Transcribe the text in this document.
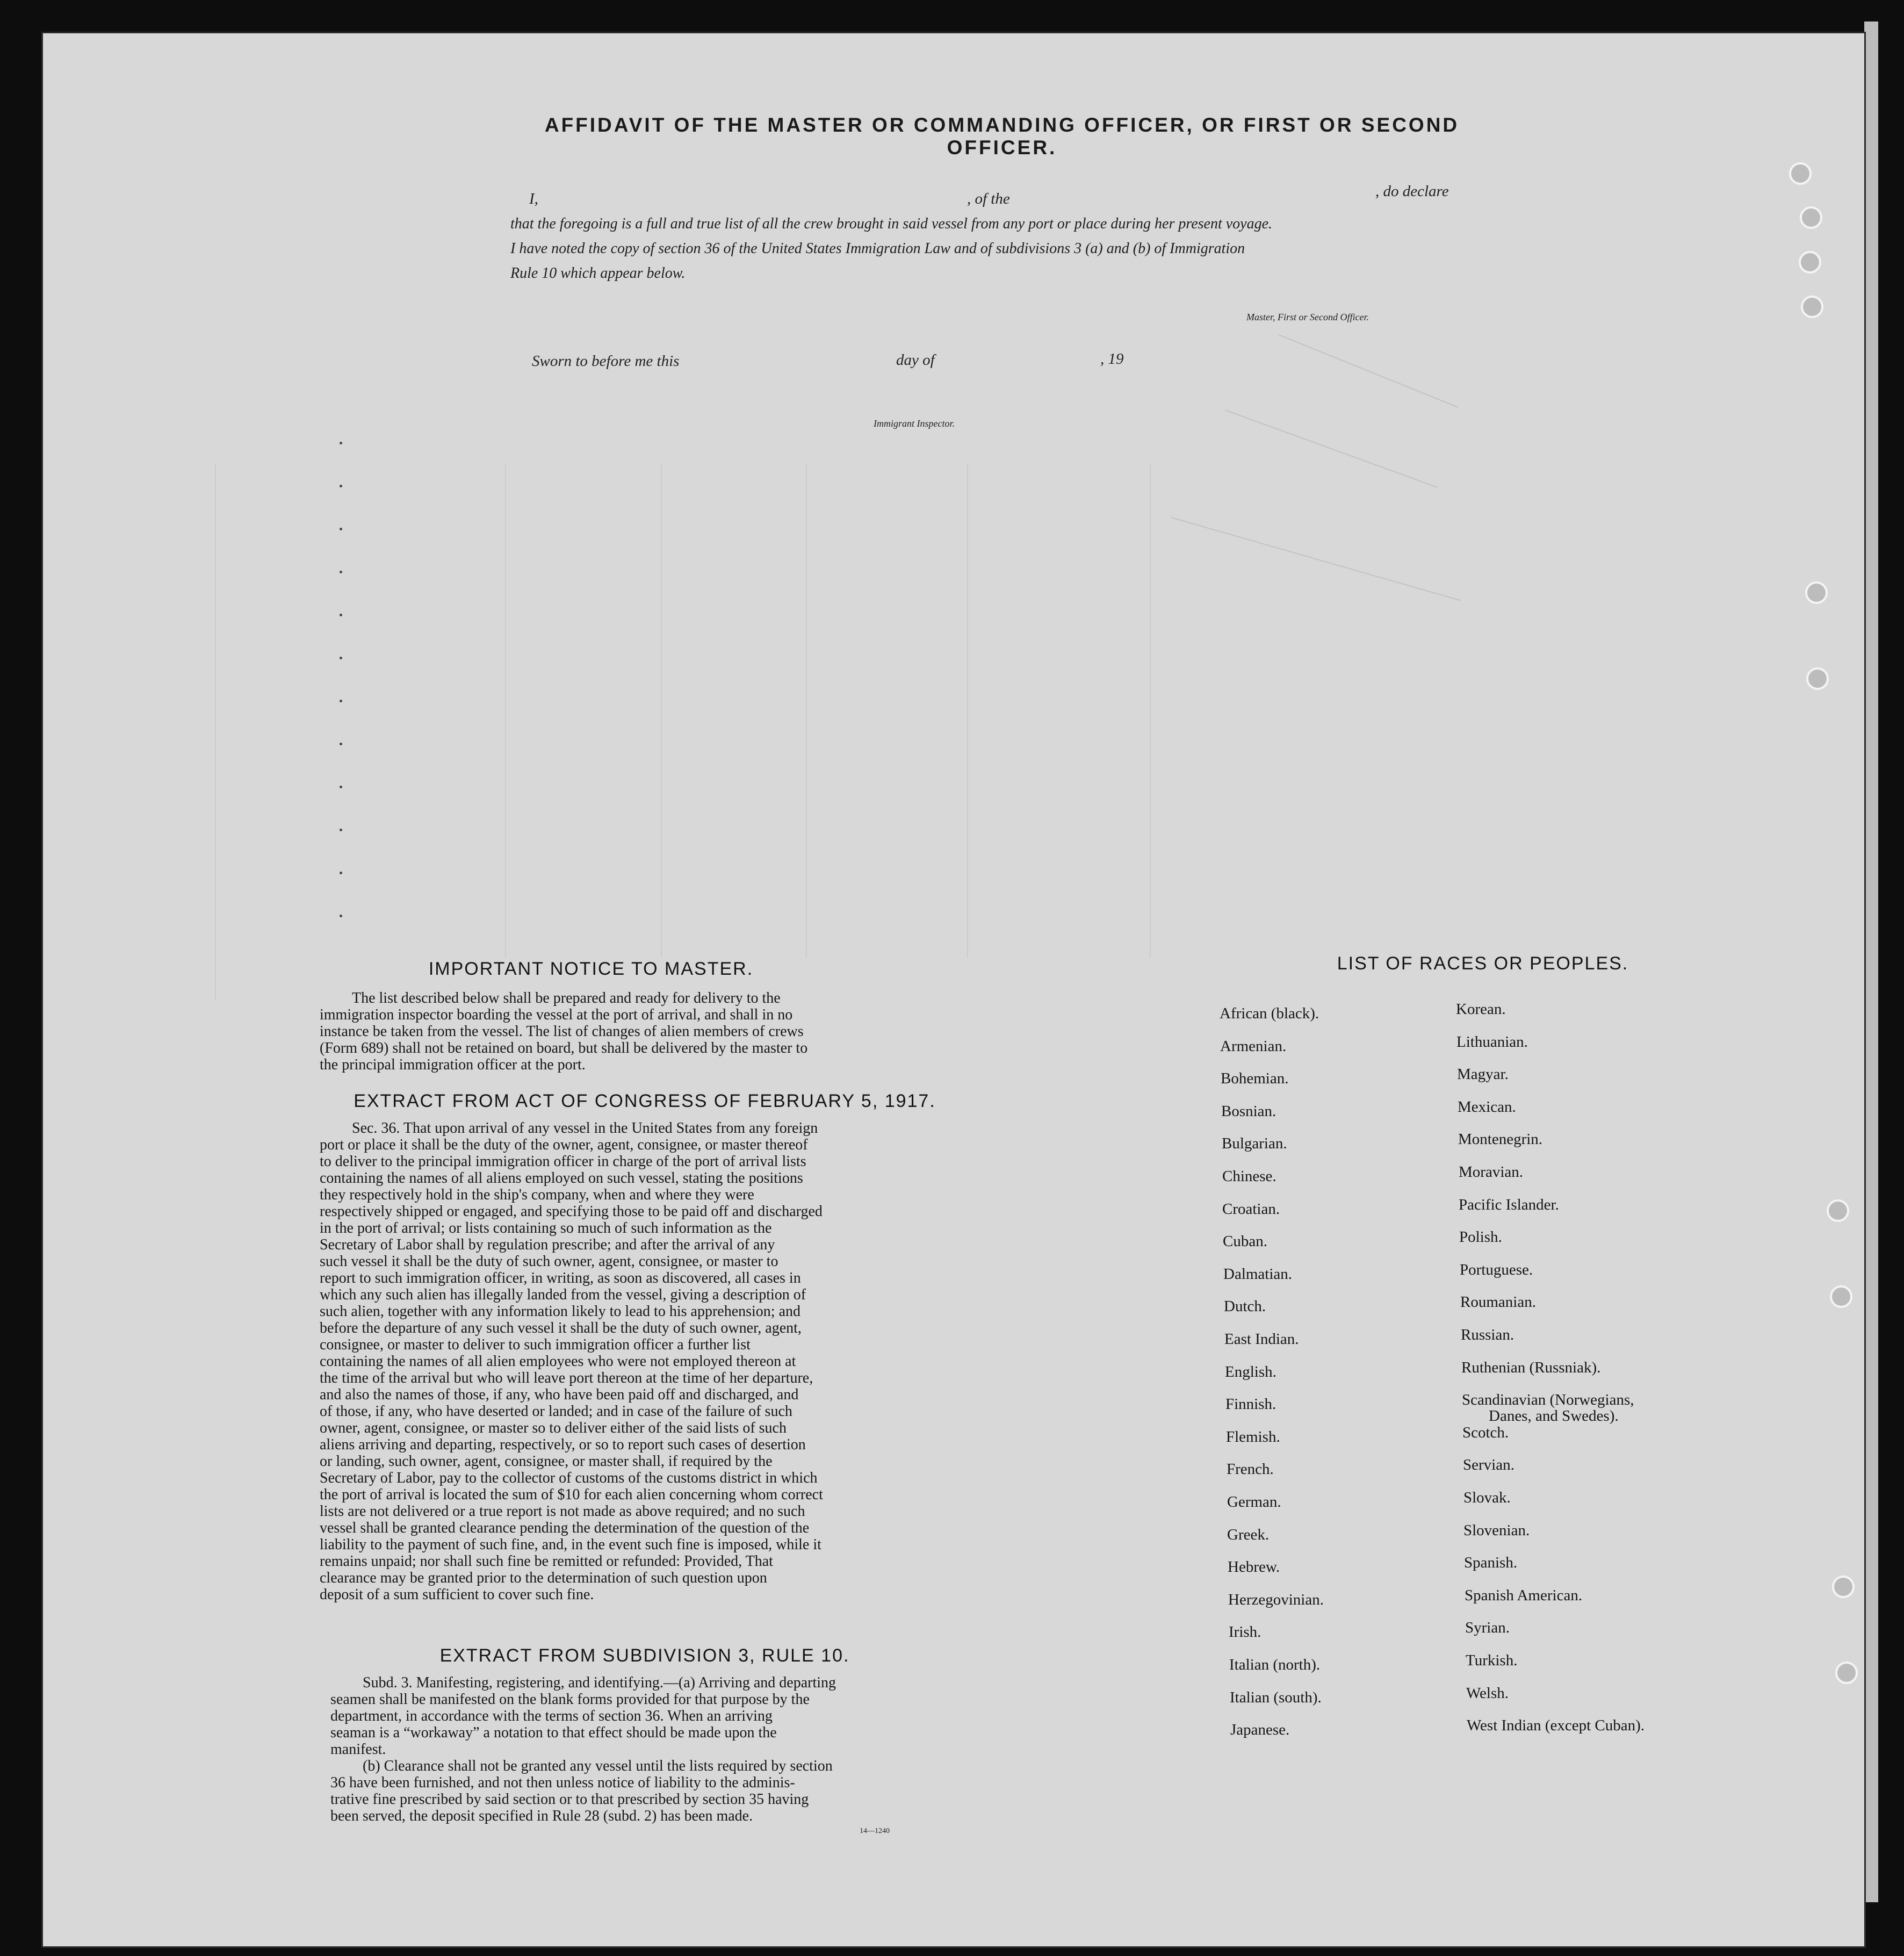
AFFIDAVIT OF THE MASTER OR COMMANDING OFFICER, OR FIRST OR SECOND OFFICER.
I,	, of the	, do declare
that the foregoing is a full and true list of all the crew brought in said vessel from any port or place during her present voyage.
I have noted the copy of section 36 of the United States Immigration Law and of subdivisions 3 (a) and (b) of Immigration
Rule 10 which appear below.
Master, First or Second Officer.
Sworn to before me this	day of	, 19
Immigrant Inspector.
IMPORTANT NOTICE TO MASTER.
The list described below shall be prepared and ready for delivery to the
immigration inspector boarding the vessel at the port of arrival, and shall in no
instance be taken from the vessel. The list of changes of alien members of crews
(Form 689) shall not be retained on board, but shall be delivered by the master to
the principal immigration officer at the port.
EXTRACT FROM ACT OF CONGRESS OF FEBRUARY 5, 1917.
Sec. 36. That upon arrival of any vessel in the United States from any foreign
port or place it shall be the duty of the owner, agent, consignee, or master thereof
to deliver to the principal immigration officer in charge of the port of arrival lists
containing the names of all aliens employed on such vessel, stating the positions
they respectively hold in the ship's company, when and where they were
respectively shipped or engaged, and specifying those to be paid off and discharged
in the port of arrival; or lists containing so much of such information as the
Secretary of Labor shall by regulation prescribe; and after the arrival of any
such vessel it shall be the duty of such owner, agent, consignee, or master to
report to such immigration officer, in writing, as soon as discovered, all cases in
which any such alien has illegally landed from the vessel, giving a description of
such alien, together with any information likely to lead to his apprehension; and
before the departure of any such vessel it shall be the duty of such owner, agent,
consignee, or master to deliver to such immigration officer a further list
containing the names of all alien employees who were not employed thereon at
the time of the arrival but who will leave port thereon at the time of her departure,
and also the names of those, if any, who have been paid off and discharged, and
of those, if any, who have deserted or landed; and in case of the failure of such
owner, agent, consignee, or master so to deliver either of the said lists of such
aliens arriving and departing, respectively, or so to report such cases of desertion
or landing, such owner, agent, consignee, or master shall, if required by the
Secretary of Labor, pay to the collector of customs of the customs district in which
the port of arrival is located the sum of $10 for each alien concerning whom correct
lists are not delivered or a true report is not made as above required; and no such
vessel shall be granted clearance pending the determination of the question of the
liability to the payment of such fine, and, in the event such fine is imposed, while it
remains unpaid; nor shall such fine be remitted or refunded: Provided, That
clearance may be granted prior to the determination of such question upon
deposit of a sum sufficient to cover such fine.
EXTRACT FROM SUBDIVISION 3, RULE 10.
Subd. 3. Manifesting, registering, and identifying.—(a) Arriving and departing
seamen shall be manifested on the blank forms provided for that purpose by the
department, in accordance with the terms of section 36. When an arriving
seaman is a “workaway” a notation to that effect should be made upon the
manifest.
(b) Clearance shall not be granted any vessel until the lists required by section
36 have been furnished, and not then unless notice of liability to the adminis-
trative fine prescribed by said section or to that prescribed by section 35 having
been served, the deposit specified in Rule 28 (subd. 2) has been made.
14—1240
LIST OF RACES OR PEOPLES.
African (black).
Armenian.
Bohemian.
Bosnian.
Bulgarian.
Chinese.
Croatian.
Cuban.
Dalmatian.
Dutch.
East Indian.
English.
Finnish.
Flemish.
French.
German.
Greek.
Hebrew.
Herzegovinian.
Irish.
Italian (north).
Italian (south).
Japanese.
Korean.
Lithuanian.
Magyar.
Mexican.
Montenegrin.
Moravian.
Pacific Islander.
Polish.
Portuguese.
Roumanian.
Russian.
Ruthenian (Russniak).
Scandinavian (Norwegians,
Danes, and Swedes).
Scotch.
Servian.
Slovak.
Slovenian.
Spanish.
Spanish American.
Syrian.
Turkish.
Welsh.
West Indian (except Cuban).
